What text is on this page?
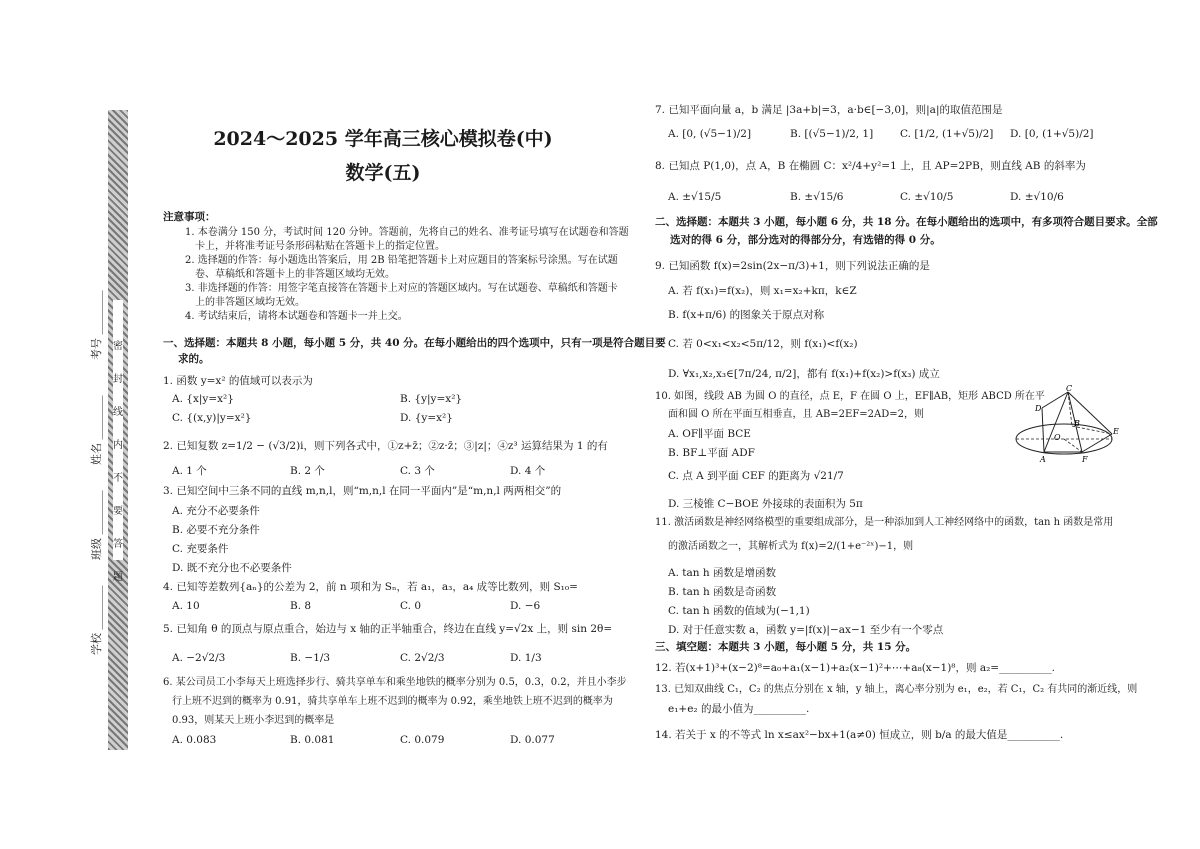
密
封
线
内
不
要
答
题
考号 ________
姓名 ________
班级 ________
学校 ________
2024～2025 学年高三核心模拟卷(中)
数学(五)
注意事项：
1. 本卷满分 150 分，考试时间 120 分钟。答题前，先将自己的姓名、准考证号填写在试题卷和答题
卡上，并将准考证号条形码粘贴在答题卡上的指定位置。
2. 选择题的作答：每小题选出答案后，用 2B 铅笔把答题卡上对应题目的答案标号涂黑。写在试题
卷、草稿纸和答题卡上的非答题区域均无效。
3. 非选择题的作答：用签字笔直接答在答题卡上对应的答题区域内。写在试题卷、草稿纸和答题卡
上的非答题区域均无效。
4. 考试结束后，请将本试题卷和答题卡一并上交。
一、选择题：本题共 8 小题，每小题 5 分，共 40 分。在每小题给出的四个选项中，只有一项是符合题目要
求的。
1. 函数 y=x² 的值域可以表示为
A. {x|y=x²}	B. {y|y=x²}
C. {(x,y)|y=x²}	D. {y=x²}
2. 已知复数 z=1/2 − (√3/2)i，则下列各式中，①z+z̄；②z·z̄；③|z|；④z³ 运算结果为 1 的有
A. 1 个	B. 2 个	C. 3 个	D. 4 个
3. 已知空间中三条不同的直线 m,n,l，则“m,n,l 在同一平面内”是“m,n,l 两两相交”的
A. 充分不必要条件
B. 必要不充分条件
C. 充要条件
D. 既不充分也不必要条件
4. 已知等差数列{aₙ}的公差为 2，前 n 项和为 Sₙ，若 a₁，a₃，a₄ 成等比数列，则 S₁₀=
A. 10	B. 8	C. 0	D. −6
5. 已知角 θ 的顶点与原点重合，始边与 x 轴的正半轴重合，终边在直线 y=√2x 上，则 sin 2θ=
A. −2√2/3	B. −1/3	C. 2√2/3	D. 1/3
6. 某公司员工小李每天上班选择步行、骑共享单车和乘坐地铁的概率分别为 0.5，0.3，0.2，并且小李步
行上班不迟到的概率为 0.91，骑共享单车上班不迟到的概率为 0.92，乘坐地铁上班不迟到的概率为
0.93，则某天上班小李迟到的概率是
A. 0.083	B. 0.081	C. 0.079	D. 0.077
7. 已知平面向量 a，b 满足 |3a+b|=3，a·b∈[−3,0]，则|a|的取值范围是
A. [0, (√5−1)/2]	B. [(√5−1)/2, 1]	C. [1/2, (1+√5)/2] D. [0, (1+√5)/2]
8. 已知点 P(1,0)，点 A，B 在椭圆 C：x²/4+y²=1 上，且 AP=2PB，则直线 AB 的斜率为
A. ±√15/5	B. ±√15/6	C. ±√10/5	D. ±√10/6
二、选择题：本题共 3 小题，每小题 6 分，共 18 分。在每小题给出的选项中，有多项符合题目要求。全部
选对的得 6 分，部分选对的得部分分，有选错的得 0 分。
9. 已知函数 f(x)=2sin(2x−π/3)+1，则下列说法正确的是
A. 若 f(x₁)=f(x₂)，则 x₁=x₂+kπ，k∈Z
B. f(x+π/6) 的图象关于原点对称
C. 若 0<x₁<x₂<5π/12，则 f(x₁)<f(x₂)
D. ∀x₁,x₂,x₃∈[7π/24, π/2]，都有 f(x₁)+f(x₂)>f(x₃) 成立
10. 如图，线段 AB 为圆 O 的直径，点 E，F 在圆 O 上，EF∥AB，矩形 ABCD 所在平
面和圆 O 所在平面互相垂直，且 AB=2EF=2AD=2，则
A. OF∥平面 BCE
B. BF⊥平面 ADF
C. 点 A 到平面 CEF 的距离为 √21/7
D. 三棱锥 C−BOE 外接球的表面积为 5π
C
D
B
O
A	F
E
11. 激活函数是神经网络模型的重要组成部分，是一种添加到人工神经网络中的函数，tan h 函数是常用
的激活函数之一，其解析式为 f(x)=2/(1+e⁻²ˣ)−1，则
A. tan h 函数是增函数
B. tan h 函数是奇函数
C. tan h 函数的值域为(−1,1)
D. 对于任意实数 a，函数 y=|f(x)|−ax−1 至少有一个零点
三、填空题：本题共 3 小题，每小题 5 分，共 15 分。
12. 若(x+1)³+(x−2)⁸=a₀+a₁(x−1)+a₂(x−1)²+⋯+a₈(x−1)⁸，则 a₂=__________.
13. 已知双曲线 C₁，C₂ 的焦点分别在 x 轴，y 轴上，离心率分别为 e₁，e₂，若 C₁，C₂ 有共同的渐近线，则
e₁+e₂ 的最小值为__________.
14. 若关于 x 的不等式 ln x≤ax²−bx+1(a≠0) 恒成立，则 b/a 的最大值是__________.
